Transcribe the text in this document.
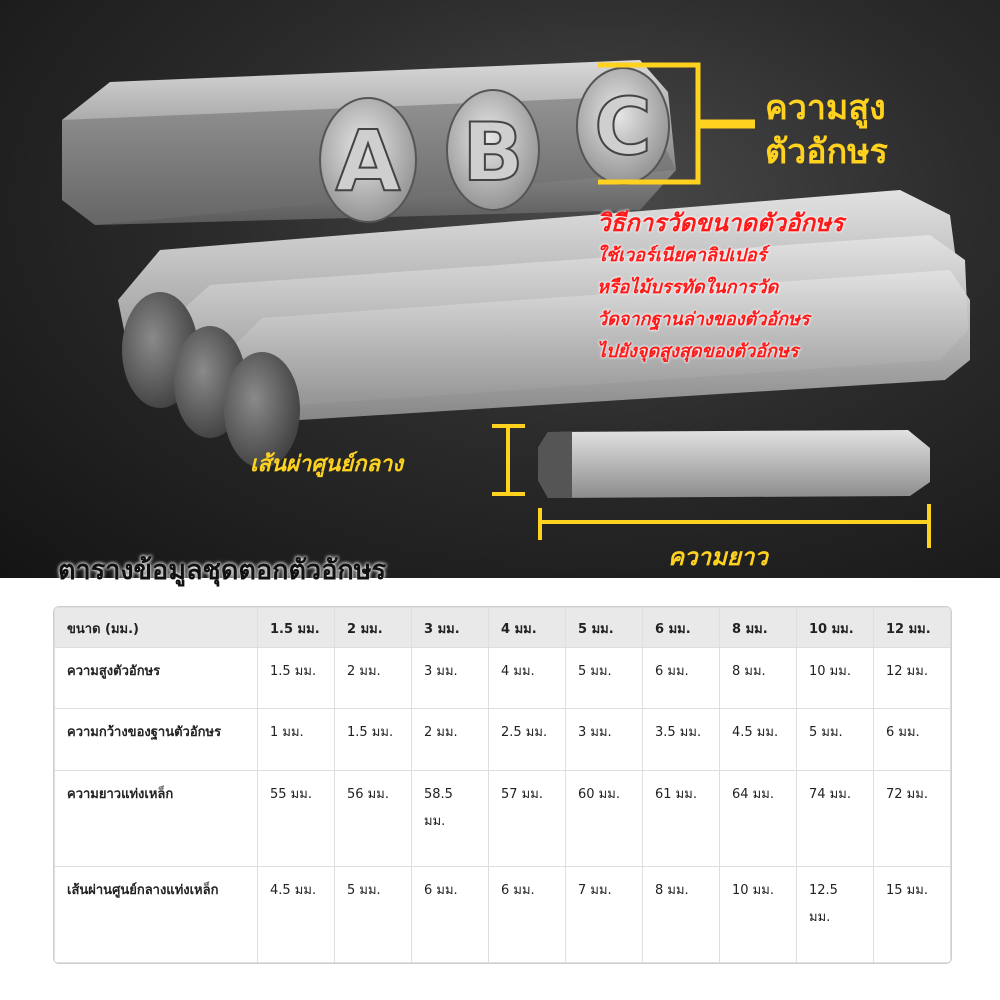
A B C	ความสูง
ตัวอักษร
วิธีการวัดขนาดตัวอักษร
ใช้เวอร์เนียคาลิปเปอร์
หรือไม้บรรทัดในการวัด
วัดจากฐานล่างของตัวอักษร
ไปยังจุดสูงสุดของตัวอักษร
เส้นผ่าศูนย์กลาง
ความยาว
ตารางข้อมูลชุดตอกตัวอักษร
ขนาด (มม.)	1.5 มม.	2 มม.	3 มม.	4 มม.	5 มม.	6 มม.	8 มม.	10 มม.	12 มม.
ความสูงตัวอักษร	1.5 มม.	2 มม.	3 มม.	4 มม.	5 มม.	6 มม.	8 มม.	10 มม.	12 มม.
ความกว้างของฐานตัวอักษร	1 มม.	1.5 มม.	2 มม.	2.5 มม.	3 มม.	3.5 มม.	4.5 มม.	5 มม.	6 มม.
ความยาวแท่งเหล็ก	55 มม.	56 มม.	58.5 มม.	57 มม.	60 มม.	61 มม.	64 มม.	74 มม.	72 มม.
เส้นผ่านศูนย์กลางแท่งเหล็ก	4.5 มม.	5 มม.	6 มม.	6 มม.	7 มม.	8 มม.	10 มม.	12.5 มม.	15 มม.
